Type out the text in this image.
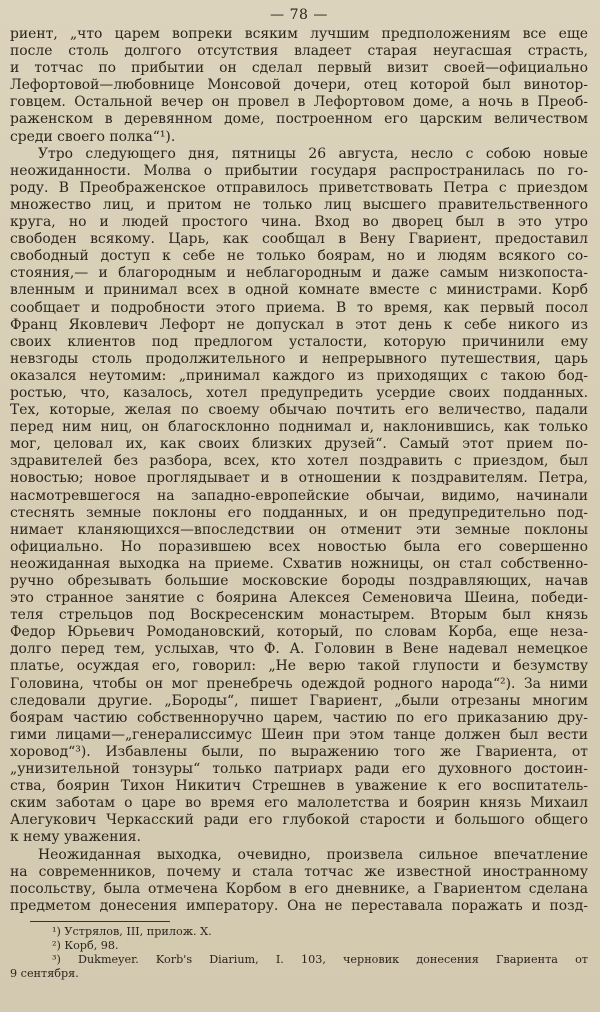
— 78 —

риент, „что царем вопреки всяким лучшим предположениям все еще
после столь долгого отсутствия владеет старая неугасшая страсть,
и тотчас по прибытии он сделал первый визит своей—официально
Лефортовой—любовнице Монсовой дочери, отец которой был винотор-
говцем. Остальной вечер он провел в Лефортовом доме, а ночь в Преоб-
раженском в деревянном доме, построенном его царским величеством
среди своего полка“¹).

Утро следующего дня, пятницы 26 августа, несло с собою новые
неожиданности. Молва о прибытии государя распространилась по го-
роду. В Преображенское отправилось приветствовать Петра с приездом
множество лиц, и притом не только лиц высшего правительственного
круга, но и людей простого чина. Вход во дворец был в это утро
свободен всякому. Царь, как сообщал в Вену Гвариент, предоставил
свободный доступ к себе не только боярам, но и людям всякого со-
стояния,— и благородным и неблагородным и даже самым низкопоста-
вленным и принимал всех в одной комнате вместе с министрами. Корб
сообщает и подробности этого приема. В то время, как первый посол
Франц Яковлевич Лефорт не допускал в этот день к себе никого из
своих клиентов под предлогом усталости, которую причинили ему
невзгоды столь продолжительного и непрерывного путешествия, царь
оказался неутомим: „принимал каждого из приходящих с такою бод-
ростью, что, казалось, хотел предупредить усердие своих подданных.
Тех, которые, желая по своему обычаю почтить его величество, падали
перед ним ниц, он благосклонно поднимал и, наклонившись, как только
мог, целовал их, как своих близких друзей“. Самый этот прием по-
здравителей без разбора, всех, кто хотел поздравить с приездом, был
новостью; новое проглядывает и в отношении к поздравителям. Петра,
насмотревшегося на западно-европейские обычаи, видимо, начинали
стеснять земные поклоны его подданных, и он предупредительно под-
нимает кланяющихся—впоследствии он отменит эти земные поклоны
официально. Но поразившею всех новостью была его совершенно
неожиданная выходка на приеме. Схватив ножницы, он стал собственно-
ручно обрезывать большие московские бороды поздравляющих, начав
это странное занятие с боярина Алексея Семеновича Шеина, победи-
теля стрельцов под Воскресенским монастырем. Вторым был князь
Федор Юрьевич Ромодановский, который, по словам Корба, еще неза-
долго перед тем, услыхав, что Ф. А. Головин в Вене надевал немецкое
платье, осуждая его, говорил: „Не верю такой глупости и безумству
Головина, чтобы он мог пренебречь одеждой родного народа“²). За ними
следовали другие. „Бороды“, пишет Гвариент, „были отрезаны многим
боярам частию собственноручно царем, частию по его приказанию дру-
гими лицами—„генералиссимус Шеин при этом танце должен был вести
хоровод“³). Избавлены были, по выражению того же Гвариента, от
„унизительной тонзуры“ только патриарх ради его духовного достоин-
ства, боярин Тихон Никитич Стрешнев в уважение к его воспитатель-
ским заботам о царе во время его малолетства и боярин князь Михаил
Алегукович Черкасский ради его глубокой старости и большого общего
к нему уважения.

Неожиданная выходка, очевидно, произвела сильное впечатление
на современников, почему и стала тотчас же известной иностранному
посольству, была отмечена Корбом в его дневнике, а Гвариентом сделана
предметом донесения императору. Она не переставала поражать и позд-

¹) Устрялов, III, прилож. X.
²) Корб, 98.
³) Dukmeyer. Korb's Diarium, I. 103, черновик донесения Гвариента от
9 сентября.
